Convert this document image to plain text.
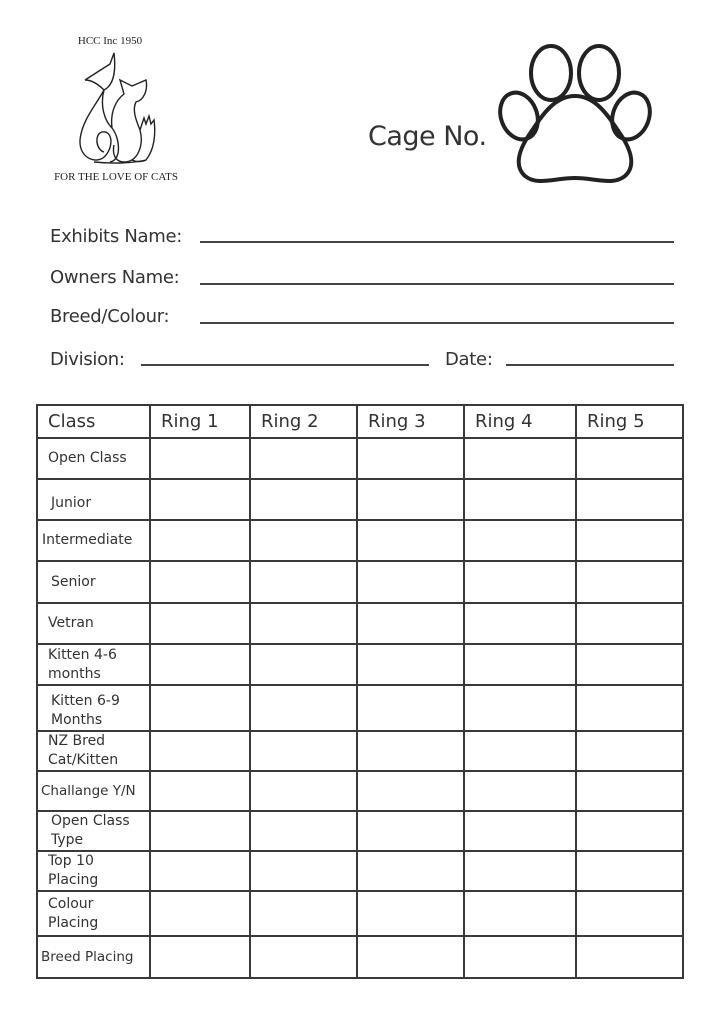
HCC Inc 1950
FOR THE LOVE OF CATS
Cage No.
Exhibits Name:
Owners Name:
Breed/Colour:
Division:	Date:
Class	Ring 1	Ring 2	Ring 3	Ring 4	Ring 5
Open Class					
Junior					
Intermediate					
Senior					
Vetran					
Kitten 4-6 months					
Kitten 6-9 Months					
NZ Bred Cat/Kitten					
Challange Y/N					
Open Class Type					
Top 10 Placing					
Colour Placing					
Breed Placing					
